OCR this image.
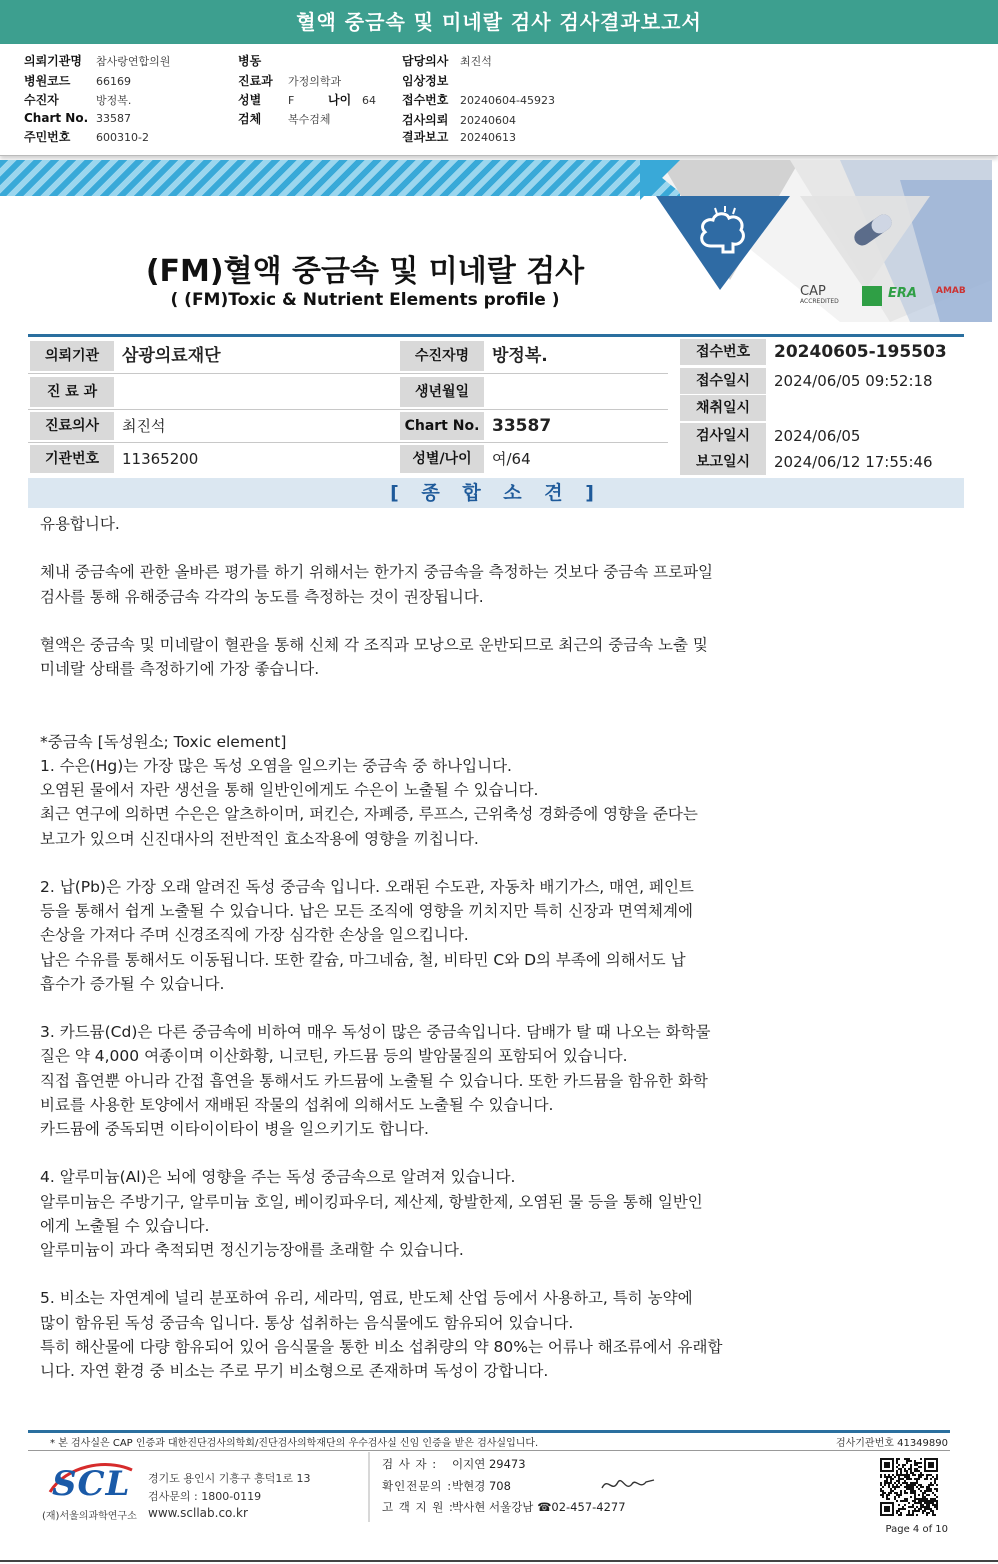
혈액 중금속 및 미네랄 검사 검사결과보고서
의뢰기관명 참사랑연합의원
병원코드 66169
수진자	방정복.
Chart No. 33587
주민번호 600310-2
병동
진료과 가정의학과
성별 F	나이 64
검체 복수검체
담당의사 최진석
임상정보
접수번호 20240604-45923
검사의뢰 20240604
결과보고 20240613
CAP
ACCREDITED
ERA AMAB
(FM)혈액 중금속 및 미네랄 검사
( (FM)Toxic & Nutrient Elements profile )
의뢰기관	삼광의료재단
진 료 과
진료의사	최진석
기관번호	11365200
수진자명	방정복.
생년월일
Chart No. 33587
성별/나이	여/64
접수번호	20240605-195503
접수일시	2024/06/05 09:52:18
채취일시
검사일시	2024/06/05
보고일시	2024/06/12 17:55:46
[ 종 합 소 견 ]

유용합니다.

체내 중금속에 관한 올바른 평가를 하기 위해서는 한가지 중금속을 측정하는 것보다 중금속 프로파일

검사를 통해 유해중금속 각각의 농도를 측정하는 것이 권장됩니다.

혈액은 중금속 및 미네랄이 혈관을 통해 신체 각 조직과 모낭으로 운반되므로 최근의 중금속 노출 및

미네랄 상태를 측정하기에 가장 좋습니다.

*중금속 [독성원소; Toxic element]

1. 수은(Hg)는 가장 많은 독성 오염을 일으키는 중금속 중 하나입니다.

오염된 물에서 자란 생선을 통해 일반인에게도 수은이 노출될 수 있습니다.

최근 연구에 의하면 수은은 알츠하이머, 퍼킨슨, 자폐증, 루프스, 근위축성 경화증에 영향을 준다는

보고가 있으며 신진대사의 전반적인 효소작용에 영향을 끼칩니다.

2. 납(Pb)은 가장 오래 알려진 독성 중금속 입니다. 오래된 수도관, 자동차 배기가스, 매연, 페인트

등을 통해서 쉽게 노출될 수 있습니다. 납은 모든 조직에 영향을 끼치지만 특히 신장과 면역체계에

손상을 가져다 주며 신경조직에 가장 심각한 손상을 일으킵니다.

납은 수유를 통해서도 이동됩니다. 또한 칼슘, 마그네슘, 철, 비타민 C와 D의 부족에 의해서도 납

흡수가 증가될 수 있습니다.

3. 카드뮴(Cd)은 다른 중금속에 비하여 매우 독성이 많은 중금속입니다. 담배가 탈 때 나오는 화학물

질은 약 4,000 여종이며 이산화황, 니코틴, 카드뮴 등의 발암물질의 포함되어 있습니다.

직접 흡연뿐 아니라 간접 흡연을 통해서도 카드뮴에 노출될 수 있습니다. 또한 카드뮴을 함유한 화학

비료를 사용한 토양에서 재배된 작물의 섭취에 의해서도 노출될 수 있습니다.

카드뮴에 중독되면 이타이이타이 병을 일으키기도 합니다.

4. 알루미늄(Al)은 뇌에 영향을 주는 독성 중금속으로 알려져 있습니다.

알루미늄은 주방기구, 알루미늄 호일, 베이킹파우더, 제산제, 항발한제, 오염된 물 등을 통해 일반인

에게 노출될 수 있습니다.

알루미늄이 과다 축적되면 정신기능장애를 초래할 수 있습니다.

5. 비소는 자연계에 널리 분포하여 유리, 세라믹, 염료, 반도체 산업 등에서 사용하고, 특히 농약에

많이 함유된 독성 중금속 입니다. 통상 섭취하는 음식물에도 함유되어 있습니다.

특히 해산물에 다량 함유되어 있어 음식물을 통한 비소 섭취량의 약 80%는 어류나 해조류에서 유래합

니다. 자연 환경 중 비소는 주로 무기 비소형으로 존재하며 독성이 강합니다.

* 본 검사실은 CAP 인증과 대한진단검사의학회/진단검사의학재단의 우수검사실 신임 인증을 받은 검사실입니다.	검사기관번호 41349890
SCL
(재)서울의과학연구소
경기도 용인시 기흥구 흥덕1로 13
검사문의 : 1800-0119
www.scllab.co.kr
검 사 자 : 이지연 29473
확인전문의 :박현경 708
고 객 지 원 :박사현 서울강남 ☎02-457-4277
Page 4 of 10
